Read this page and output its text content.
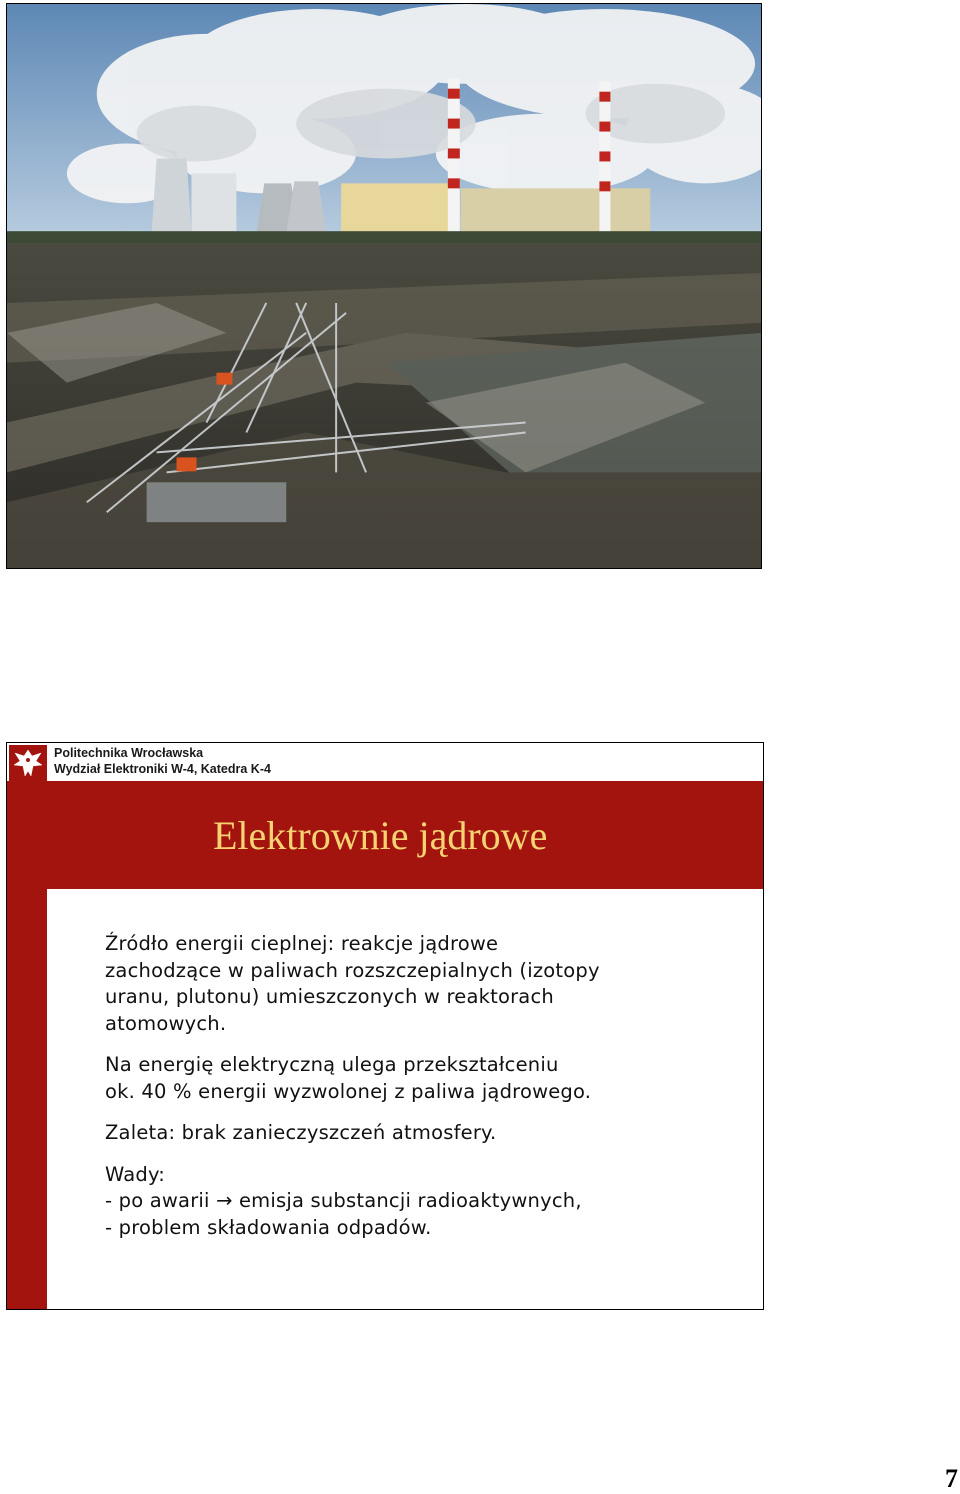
Politechnika Wrocławska
Wydział Elektroniki W-4, Katedra K-4
Elektrownie jądrowe
Źródło energii cieplnej: reakcje jądrowe
zachodzące w paliwach rozszczepialnych (izotopy
uranu, plutonu) umieszczonych w reaktorach
atomowych.
Na energię elektryczną ulega przekształceniu
ok. 40 % energii wyzwolonej z paliwa jądrowego.
Zaleta: brak zanieczyszczeń atmosfery.
Wady:
- po awarii → emisja substancji radioaktywnych,
- problem składowania odpadów.
7
